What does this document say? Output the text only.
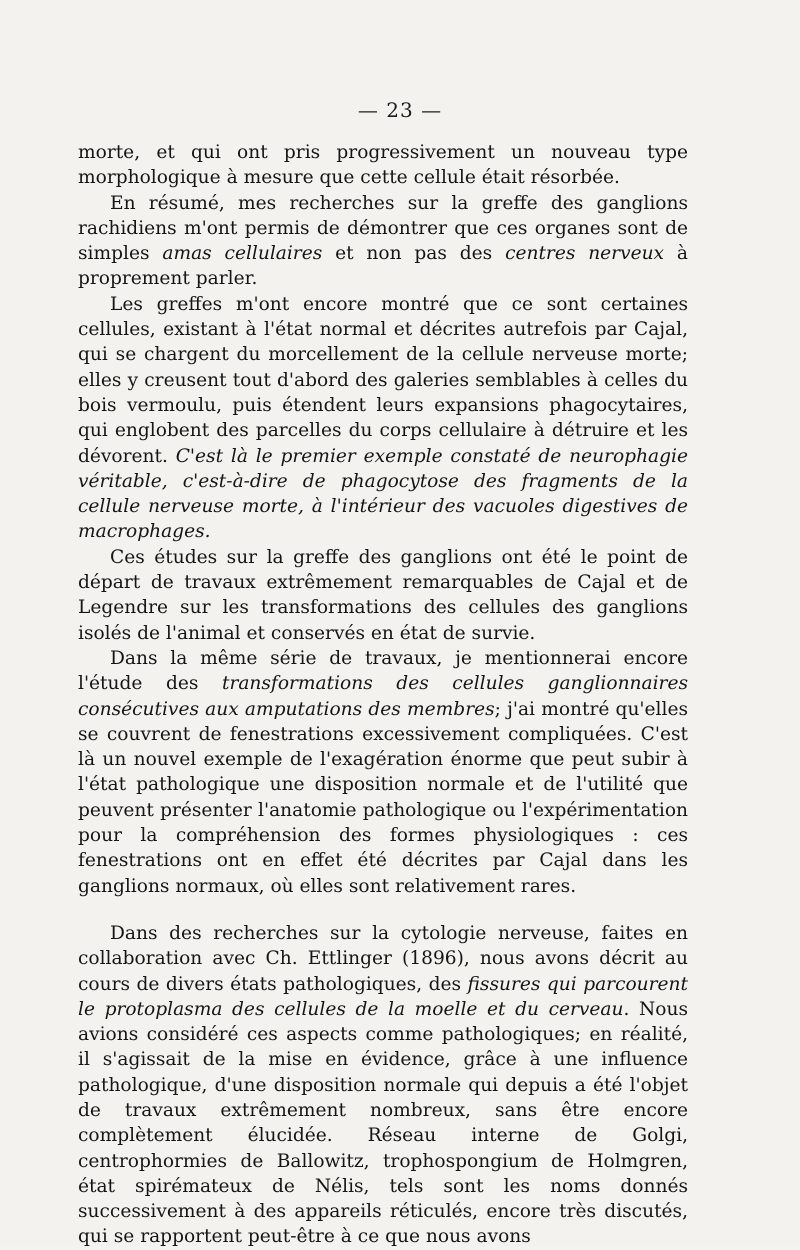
— 23 —

morte, et qui ont pris progressivement un nouveau type morphologique à mesure que cette cellule était résorbée.

En résumé, mes recherches sur la greffe des ganglions rachidiens m'ont permis de démontrer que ces organes sont de simples amas cellulaires et non pas des centres nerveux à proprement parler.

Les greffes m'ont encore montré que ce sont certaines cellules, existant à l'état normal et décrites autrefois par Cajal, qui se chargent du morcellement de la cellule nerveuse morte; elles y creusent tout d'abord des galeries semblables à celles du bois vermoulu, puis étendent leurs expansions phagocytaires, qui englobent des parcelles du corps cellulaire à détruire et les dévorent. C'est là le premier exemple constaté de neurophagie véritable, c'est-à-dire de phagocytose des fragments de la cellule nerveuse morte, à l'intérieur des vacuoles digestives de macrophages.

Ces études sur la greffe des ganglions ont été le point de départ de travaux extrêmement remarquables de Cajal et de Legendre sur les transformations des cellules des ganglions isolés de l'animal et conservés en état de survie.

Dans la même série de travaux, je mentionnerai encore l'étude des transformations des cellules ganglionnaires consécutives aux amputations des membres; j'ai montré qu'elles se couvrent de fenestrations excessivement compliquées. C'est là un nouvel exemple de l'exagération énorme que peut subir à l'état pathologique une disposition normale et de l'utilité que peuvent présenter l'anatomie pathologique ou l'expérimentation pour la compréhension des formes physiologiques : ces fenestrations ont en effet été décrites par Cajal dans les ganglions normaux, où elles sont relativement rares.

Dans des recherches sur la cytologie nerveuse, faites en collaboration avec Ch. Ettlinger (1896), nous avons décrit au cours de divers états pathologiques, des fissures qui parcourent le protoplasma des cellules de la moelle et du cerveau. Nous avions considéré ces aspects comme pathologiques; en réalité, il s'agissait de la mise en évidence, grâce à une influence pathologique, d'une disposition normale qui depuis a été l'objet de travaux extrêmement nombreux, sans être encore complètement élucidée. Réseau interne de Golgi, centrophormies de Ballowitz, trophospongium de Holmgren, état spirémateux de Nélis, tels sont les noms donnés successivement à des appareils réticulés, encore très discutés, qui se rapportent peut-être à ce que nous avons
